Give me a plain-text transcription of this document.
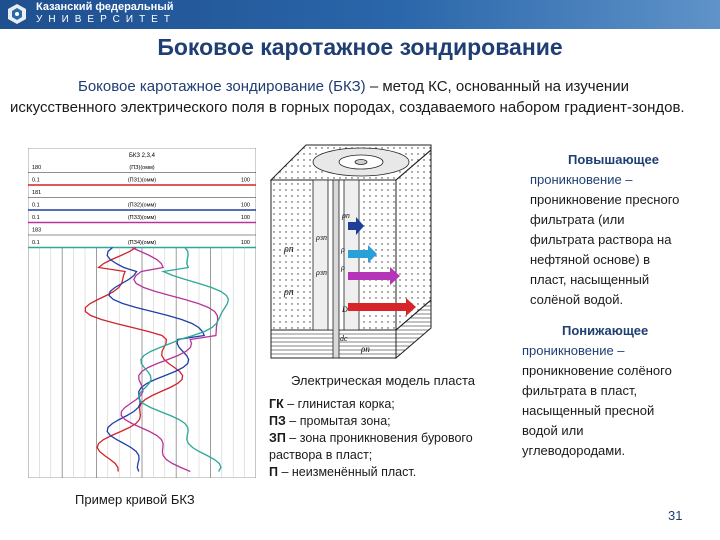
Казанский федеральный
УНИВЕРСИТЕТ
Боковое каротажное зондирование
Боковое каротажное зондирование (БКЗ) – метод КС, основанный на изучении искусственного электрического поля в горных породах, создаваемого набором градиент-зондов.
БКЗ 2,3,4
180	(ПЗ)(омм)
0.1	(ПЗ1)(омм)	100
181
0.1	(ПЗ2)(омм)	100
0.1	(ПЗ3)(омм)	100
183
0.1	(ПЗ4)(омм)	100
Пример кривой БКЗ
ρп
ρзп
ρп
ρзп
ρп
ρ
ρ
D
dс
ρп
Электрическая модель пласта
ГК – глинистая корка;
ПЗ – промытая зона;
ЗП – зона проникновения бурового раствора в пласт;
П – неизменённый пласт.
Повышающее
проникновение –
проникновение пресного
фильтрата (или
фильтрата раствора на
нефтяной основе) в
пласт, насыщенный
солёной водой.
Понижающее
проникновение –
проникновение солёного
фильтрата в пласт,
насыщенный пресной
водой или
углеводородами.
31
